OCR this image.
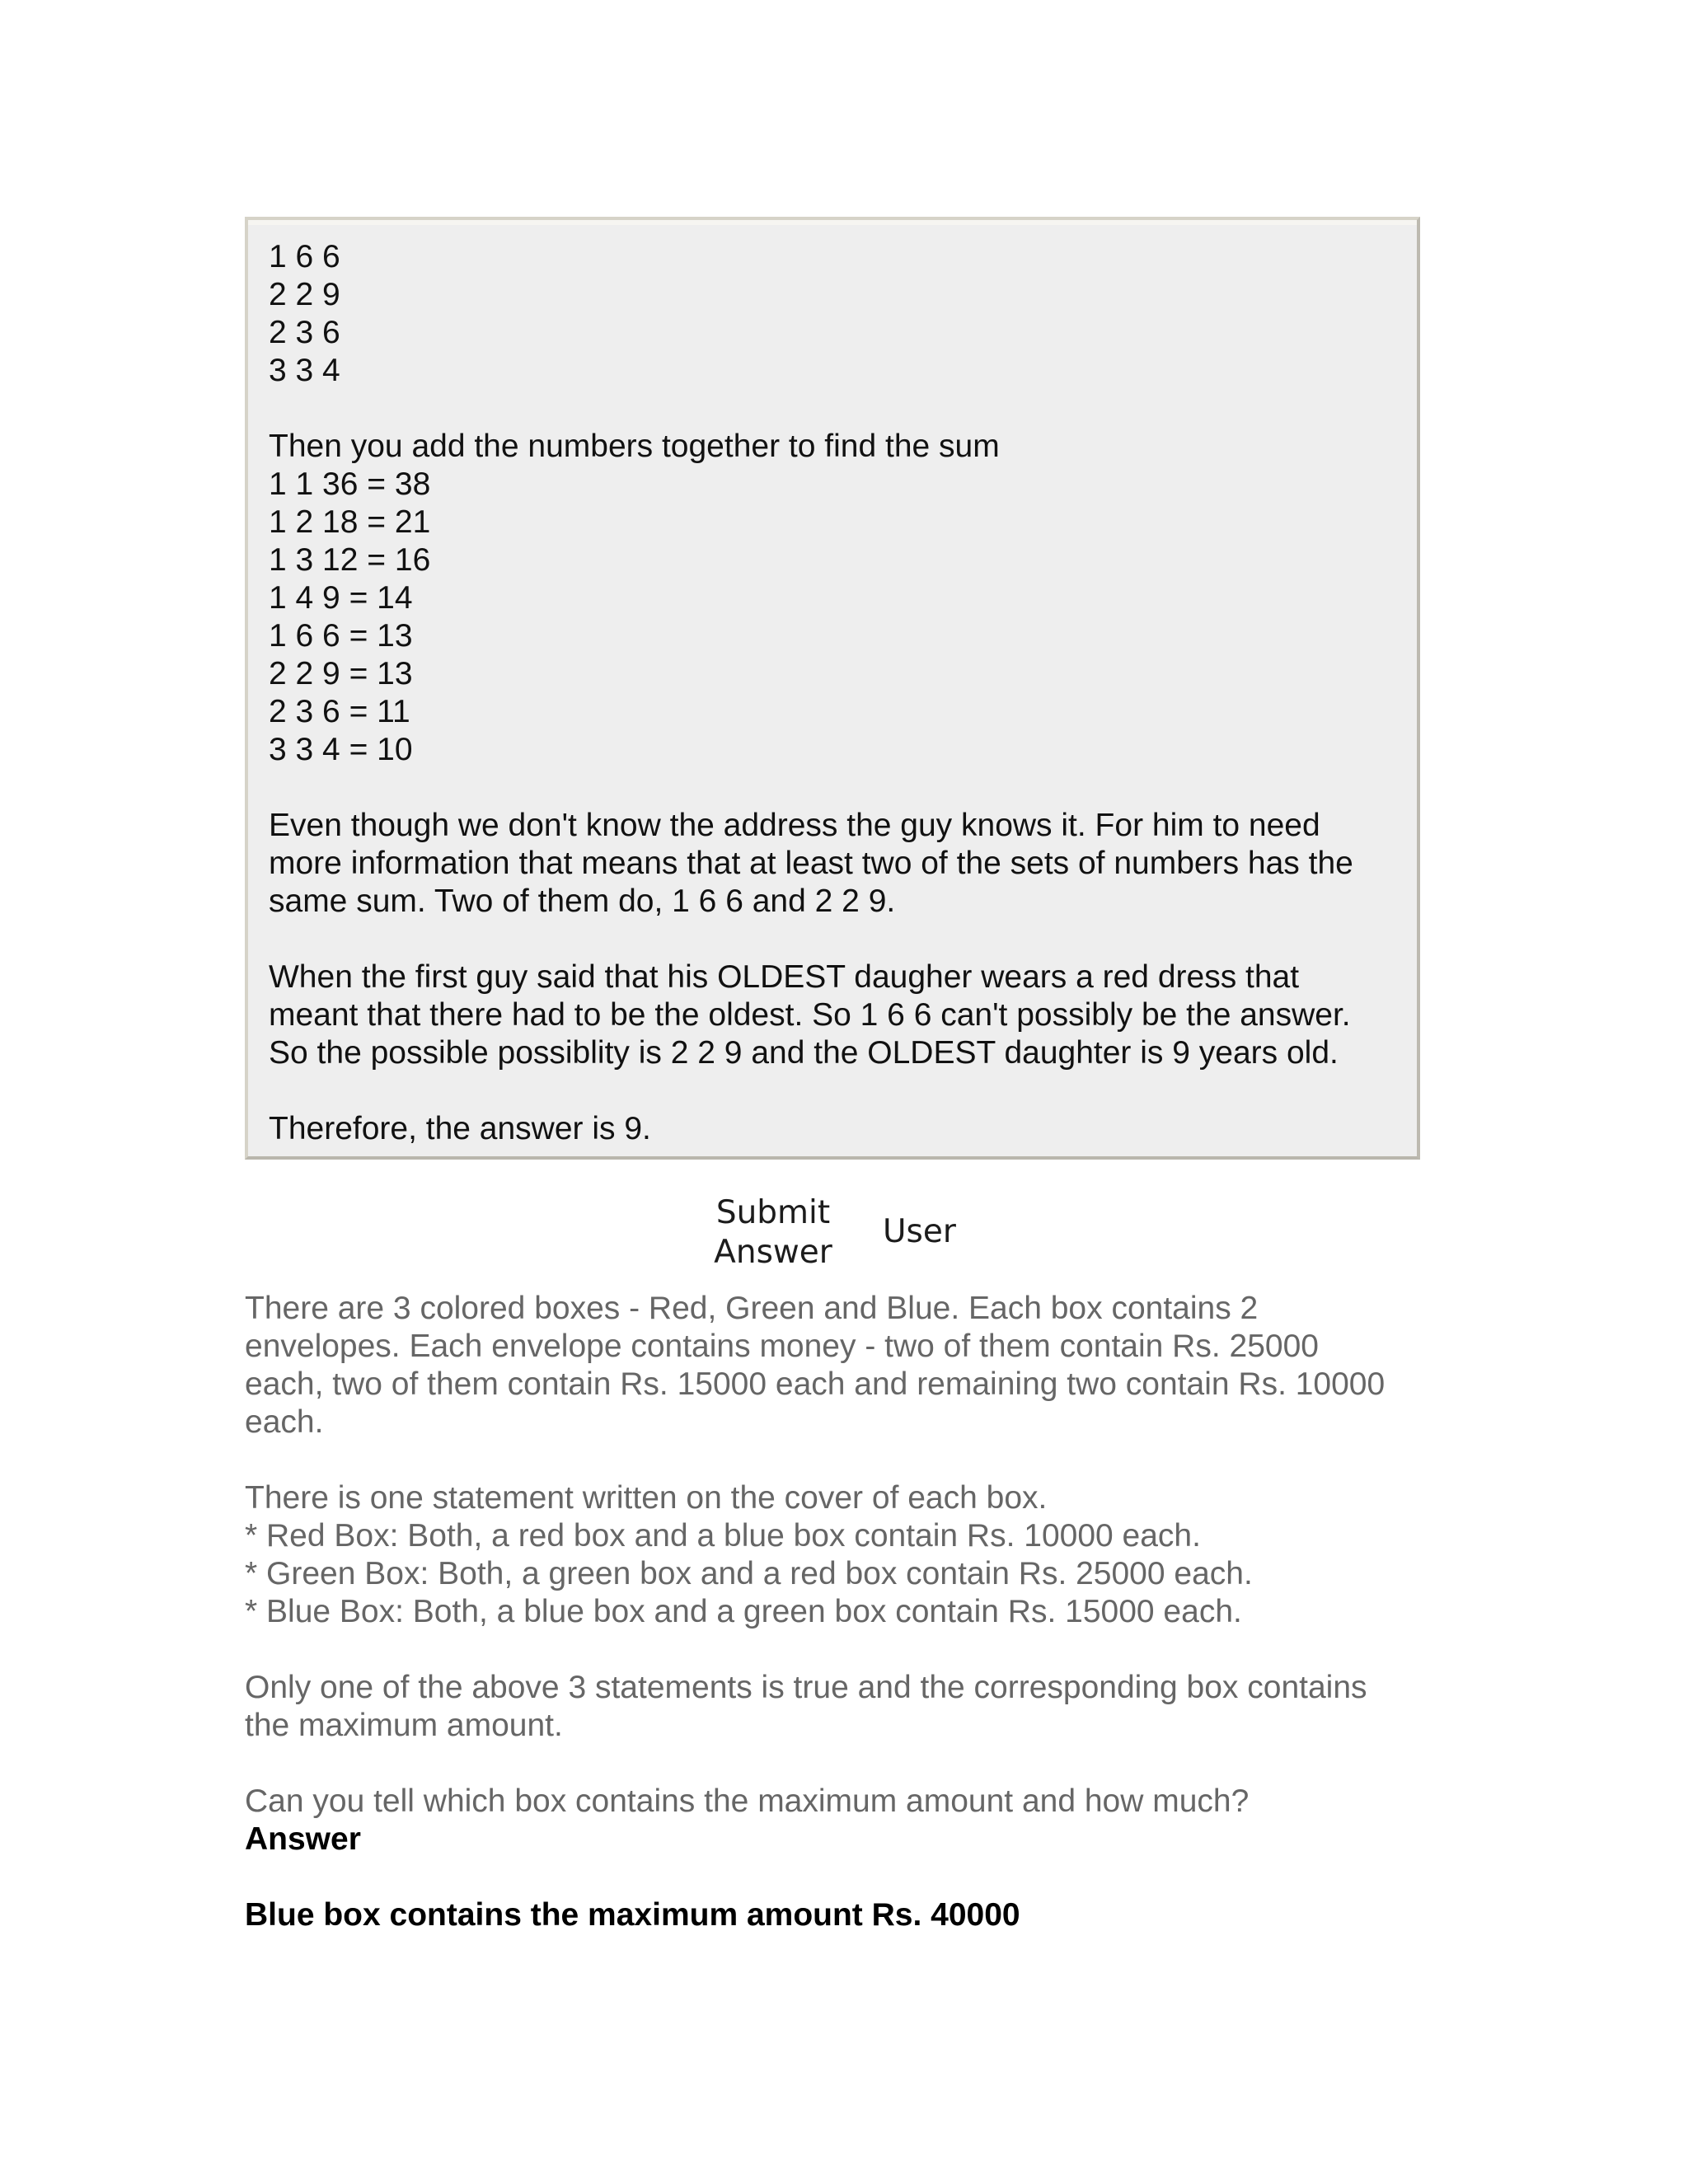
1 6 6
2 2 9
2 3 6
3 3 4
Then you add the numbers together to find the sum
1 1 36 = 38
1 2 18 = 21
1 3 12 = 16
1 4 9 = 14
1 6 6 = 13
2 2 9 = 13
2 3 6 = 11
3 3 4 = 10
Even though we don't know the address the guy knows it. For him to need
more information that means that at least two of the sets of numbers has the
same sum. Two of them do, 1 6 6 and 2 2 9.
When the first guy said that his OLDEST daugher wears a red dress that
meant that there had to be the oldest. So 1 6 6 can't possibly be the answer.
So the possible possiblity is 2 2 9 and the OLDEST daughter is 9 years old.
Therefore, the answer is 9.
Submit
Answer
User
There are 3 colored boxes - Red, Green and Blue. Each box contains 2
envelopes. Each envelope contains money - two of them contain Rs. 25000
each, two of them contain Rs. 15000 each and remaining two contain Rs. 10000
each.
There is one statement written on the cover of each box.
* Red Box: Both, a red box and a blue box contain Rs. 10000 each.
* Green Box: Both, a green box and a red box contain Rs. 25000 each.
* Blue Box: Both, a blue box and a green box contain Rs. 15000 each.
Only one of the above 3 statements is true and the corresponding box contains
the maximum amount.
Can you tell which box contains the maximum amount and how much?
Answer
Blue box contains the maximum amount Rs. 40000
